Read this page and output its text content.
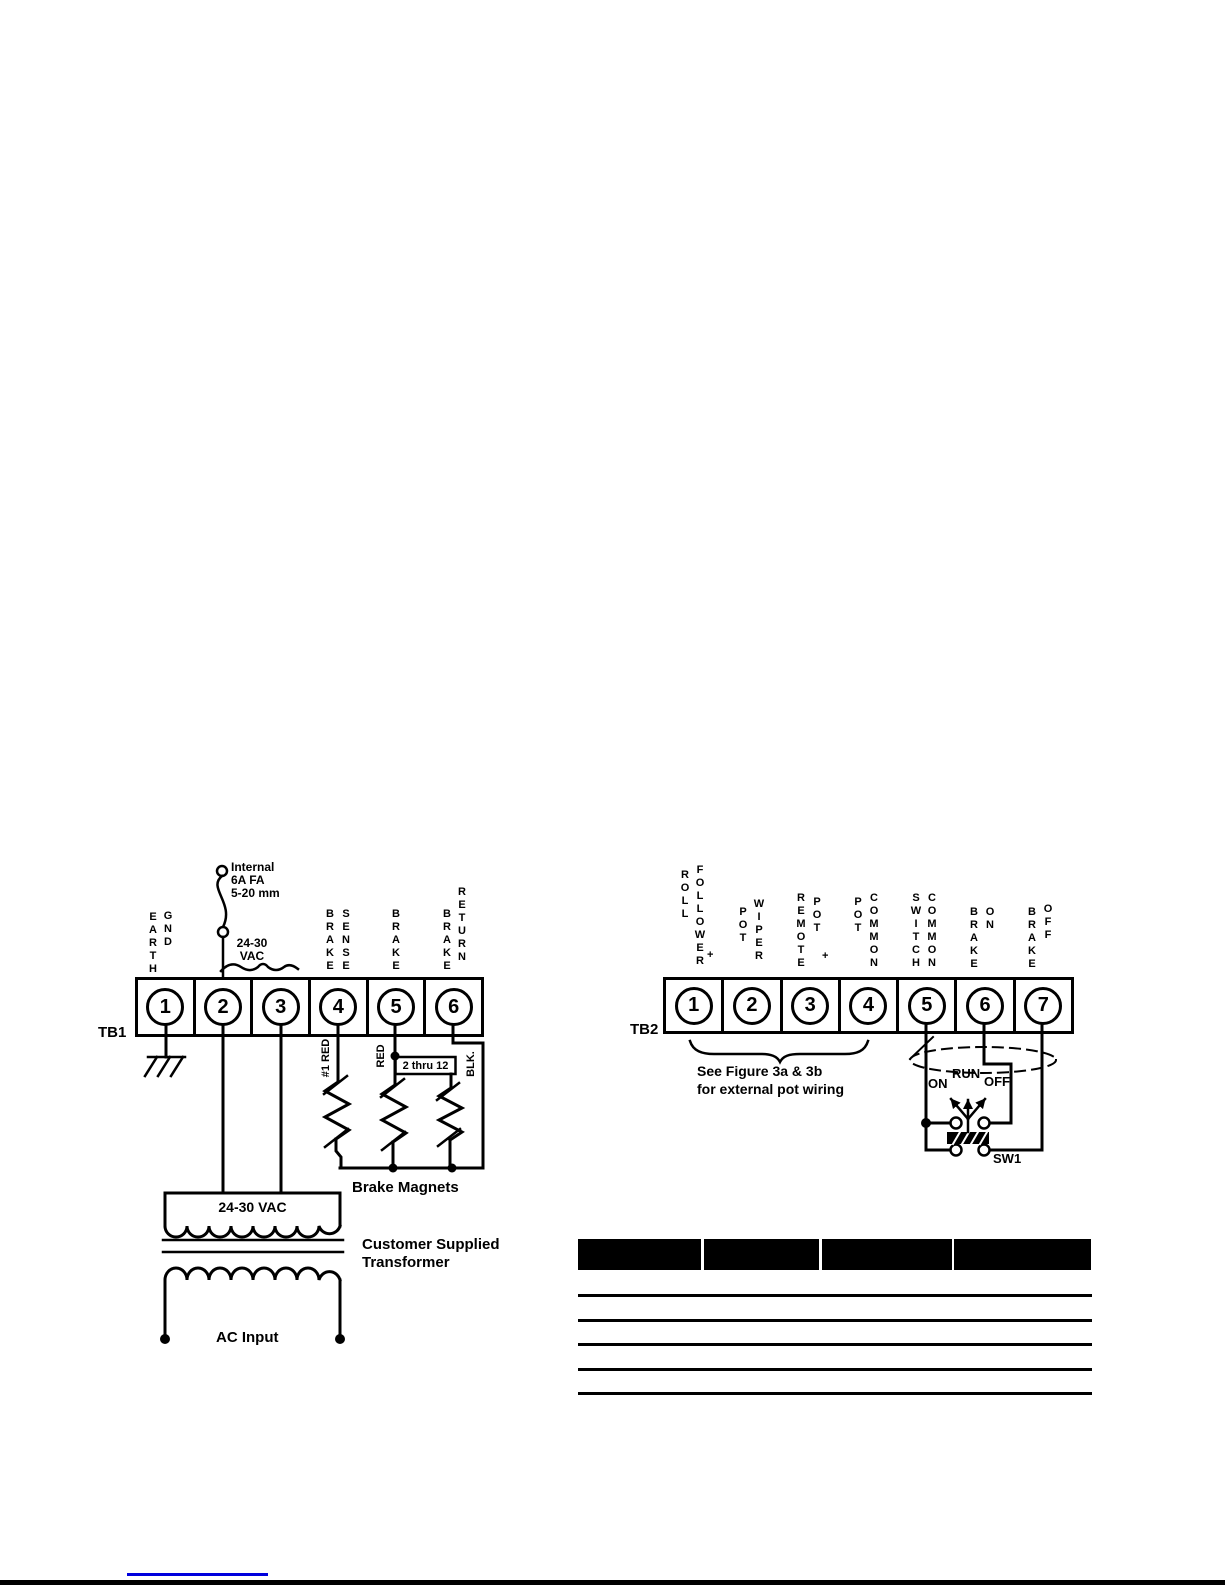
TB1
1	2	3	4	5	6
EARTH GND	BRAKE SENSE	BRAKE	BRAKE RETURN
Internal
6A FA
5-20 mm
24-30
VAC
#1 RED	RED	BLK.
2 thru 12
Brake Magnets
24-30 VAC
Customer Supplied
Transformer
AC Input
TB2
1	2	3	4	5	6	7
ROLL FOLLOWER +
POT WIPER	REMOTE POT
+
POT COMMON	SWITCH COMMON	BRAKE ON	BRAKE OFF
See Figure 3a & 3b
for external pot wiring	ON
RUN
OFF
SW1
